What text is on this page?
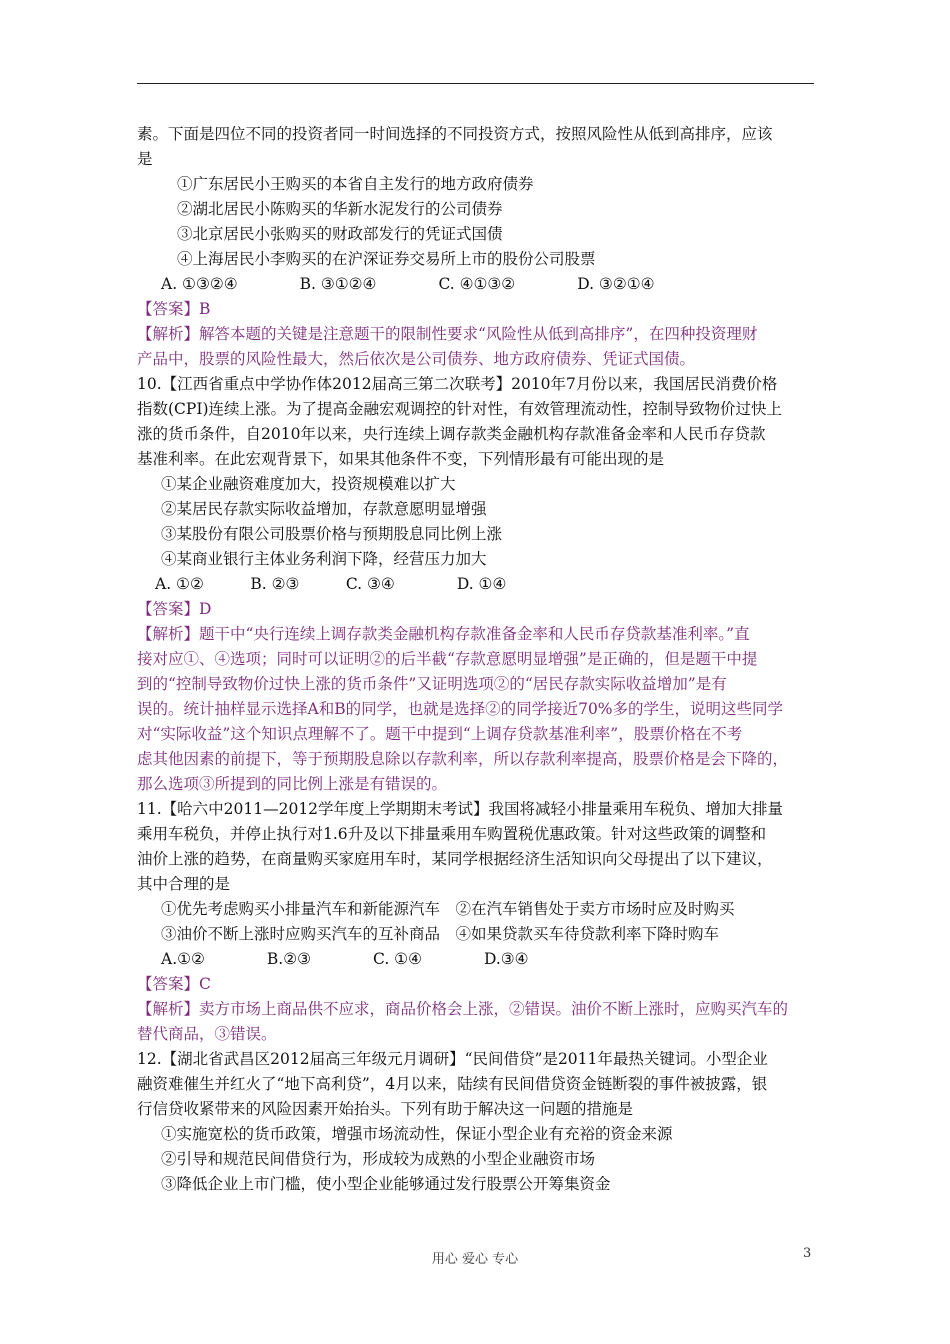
素。下面是四位不同的投资者同一时间选择的不同投资方式，按照风险性从低到高排序，应该
是
①广东居民小王购买的本省自主发行的地方政府债券
②湖北居民小陈购买的华新水泥发行的公司债券
③北京居民小张购买的财政部发行的凭证式国债
④上海居民小李购买的在沪深证券交易所上市的股份公司股票
A. ①③②④　　　　B. ③①②④　　　　C. ④①③②　　　　D. ③②①④
【答案】B
【解析】解答本题的关键是注意题干的限制性要求“风险性从低到高排序”，在四种投资理财
产品中，股票的风险性最大，然后依次是公司债券、地方政府债券、凭证式国债。
10.【江西省重点中学协作体2012届高三第二次联考】2010年7月份以来，我国居民消费价格
指数(CPI)连续上涨。为了提高金融宏观调控的针对性，有效管理流动性，控制导致物价过快上
涨的货币条件，自2010年以来，央行连续上调存款类金融机构存款准备金率和人民币存贷款
基准利率。在此宏观背景下，如果其他条件不变，下列情形最有可能出现的是
①某企业融资难度加大，投资规模难以扩大
②某居民存款实际收益增加，存款意愿明显增强
③某股份有限公司股票价格与预期股息同比例上涨
④某商业银行主体业务利润下降，经营压力加大
A. ①②　　　B. ②③　　　C. ③④　　　　D. ①④
【答案】D
【解析】题干中“央行连续上调存款类金融机构存款准备金率和人民币存贷款基准利率。”直
接对应①、④选项；同时可以证明②的后半截“存款意愿明显增强”是正确的，但是题干中提
到的“控制导致物价过快上涨的货币条件”又证明选项②的“居民存款实际收益增加”是有
误的。统计抽样显示选择A和B的同学，也就是选择②的同学接近70%多的学生，说明这些同学
对“实际收益”这个知识点理解不了。题干中提到“上调存贷款基准利率”，股票价格在不考
虑其他因素的前提下，等于预期股息除以存款利率，所以存款利率提高，股票价格是会下降的，
那么选项③所提到的同比例上涨是有错误的。
11.【哈六中2011—2012学年度上学期期末考试】我国将减轻小排量乘用车税负、增加大排量
乘用车税负，并停止执行对1.6升及以下排量乘用车购置税优惠政策。针对这些政策的调整和
油价上涨的趋势，在商量购买家庭用车时，某同学根据经济生活知识向父母提出了以下建议，
其中合理的是
①优先考虑购买小排量汽车和新能源汽车　②在汽车销售处于卖方市场时应及时购买
③油价不断上涨时应购买汽车的互补商品　④如果贷款买车待贷款利率下降时购车
A.①②　　　　B.②③　　　　C. ①④　　　　D.③④
【答案】C
【解析】卖方市场上商品供不应求，商品价格会上涨，②错误。油价不断上涨时，应购买汽车的
替代商品，③错误。
12.【湖北省武昌区2012届高三年级元月调研】“民间借贷”是2011年最热关键词。小型企业
融资难催生并红火了“地下高利贷”，4月以来，陆续有民间借贷资金链断裂的事件被披露，银
行信贷收紧带来的风险因素开始抬头。下列有助于解决这一问题的措施是
①实施宽松的货币政策，增强市场流动性，保证小型企业有充裕的资金来源
②引导和规范民间借贷行为，形成较为成熟的小型企业融资市场
③降低企业上市门槛，使小型企业能够通过发行股票公开筹集资金
用心 爱心 专心	3
